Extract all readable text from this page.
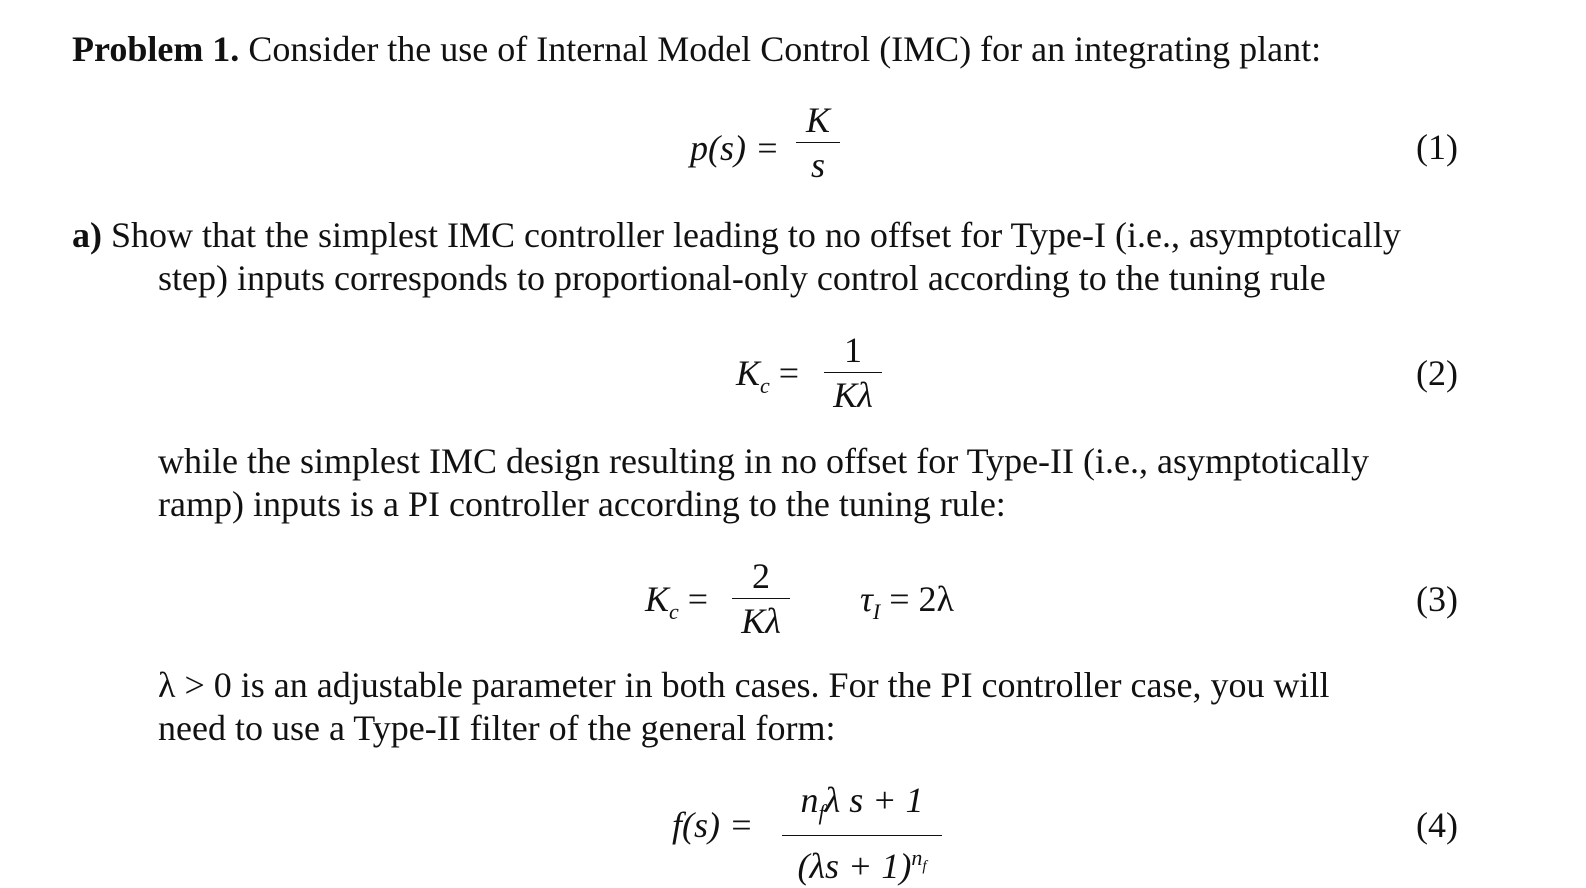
Problem 1. Consider the use of Internal Model Control (IMC) for an integrating plant:
p(s) =
K
s	(1)
a) Show that the simplest IMC controller leading to no offset for Type-I (i.e., asymptotically
step) inputs corresponds to proportional-only control according to the tuning rule
$K_c$ =
1
Kλ
(2)
while the simplest IMC design resulting in no offset for Type-II (i.e., asymptotically
ramp) inputs is a PI controller according to the tuning rule:
$K_c$ =
2
Kλ
$\tau_I = 2\lambda$	(3)
λ > 0 is an adjustable parameter in both cases. For the PI controller case, you will
need to use a Type-II filter of the general form:
f(s) =
$n_f\lambda$ s + 1
$(\lambda s + 1)^{n_f}$
(4)
